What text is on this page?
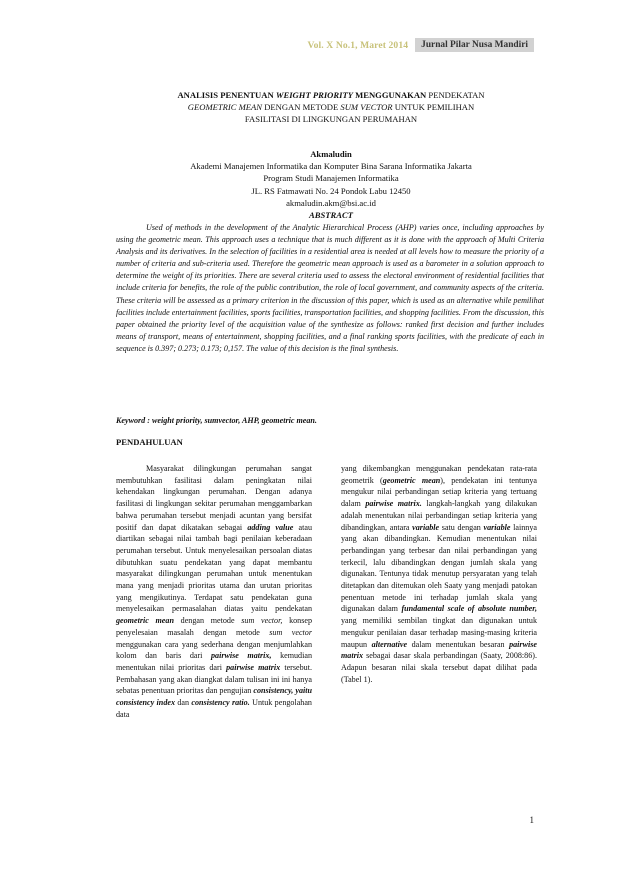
Vol. X No.1, Maret 2014	Jurnal Pilar Nusa Mandiri
ANALISIS PENENTUAN WEIGHT PRIORITY MENGGUNAKAN PENDEKATAN
GEOMETRIC MEAN DENGAN METODE SUM VECTOR UNTUK PEMILIHAN
FASILITASI DI LINGKUNGAN PERUMAHAN
Akmaludin
Akademi Manajemen Informatika dan Komputer Bina Sarana Informatika Jakarta
Program Studi Manajemen Informatika
JL. RS Fatmawati No. 24 Pondok Labu 12450
akmaludin.akm@bsi.ac.id
ABSTRACT
Used of methods in the development of the Analytic Hierarchical Process (AHP) varies once, including approaches by using the geometric mean. This approach uses a technique that is much different as it is done with the approach of Multi Criteria Analysis and its derivatives. In the selection of facilities in a residential area is needed at all levels how to measure the priority of a number of criteria and sub-criteria used. Therefore the geometric mean approach is used as a barometer in a solution approach to determine the weight of its priorities. There are several criteria used to assess the electoral environment of residential facilities that include criteria for benefits, the role of the public contribution, the role of local government, and community aspects of the criteria. These criteria will be assessed as a primary criterion in the discussion of this paper, which is used as an alternative while pemilihat facilities include entertainment facilities, sports facilities, transportation facilities, and shopping facilities. From the discussion, this paper obtained the priority level of the acquisition value of the synthesize as follows: ranked first decision and further includes means of transport, means of entertainment, shopping facilities, and a final ranking sports facilities, with the predicate of each in sequence is 0.397; 0.273; 0.173; 0,157. The value of this decision is the final synthesis.
Keyword : weight priority, sumvector, AHP, geometric mean.
PENDAHULUAN
Masyarakat dilingkungan perumahan sangat membutuhkan fasilitasi dalam peningkatan nilai kehendakan lingkungan perumahan. Dengan adanya fasilitasi di lingkungan sekitar perumahan menggambarkan bahwa perumahan tersebut menjadi acuntan yang bersifat positif dan dapat dikatakan sebagai adding value atau diartikan sebagai nilai tambah bagi penilaian keberadaan perumahan tersebut. Untuk menyelesaikan persoalan diatas dibutuhkan suatu pendekatan yang dapat membantu masyarakat dilingkungan perumahan untuk menentukan mana yang menjadi prioritas utama dan urutan prioritas yang mengikutinya. Terdapat satu pendekatan guna menyelesaikan permasalahan diatas yaitu pendekatan geometric mean dengan metode sum vector, konsep penyelesaian masalah dengan metode sum vector menggunakan cara yang sederhana dengan menjumlahkan kolom dan baris dari pairwise matrix, kemudian menentukan nilai prioritas dari pairwise matrix tersebut. Pembahasan yang akan diangkat dalam tulisan ini ini hanya sebatas penentuan prioritas dan pengujian consistency, yaitu consistency index dan consistency ratio. Untuk pengolahan data
yang dikembangkan menggunakan pendekatan rata-rata geometrik (geometric mean), pendekatan ini tentunya mengukur nilai perbandingan setiap kriteria yang tertuang dalam pairwise matrix. langkah-langkah yang dilakukan adalah menentukan nilai perbandingan setiap kriteria yang dibandingkan, antara variable satu dengan variable lainnya yang akan dibandingkan. Kemudian menentukan nilai perbandingan yang terbesar dan nilai perbandingan yang terkecil, lalu dibandingkan dengan jumlah skala yang digunakan. Tentunya tidak menutup persyaratan yang telah ditetapkan dan ditemukan oleh Saaty yang menjadi patokan penentuan metode ini terhadap jumlah skala yang digunakan dalam fundamental scale of absolute number, yang memiliki sembilan tingkat dan digunakan untuk mengukur penilaian dasar terhadap masing-masing kriteria maupun alternative dalam menentukan besaran pairwise matrix sebagai dasar skala perbandingan (Saaty, 2008:86). Adapun besaran nilai skala tersebut dapat dilihat pada (Tabel 1).
1
